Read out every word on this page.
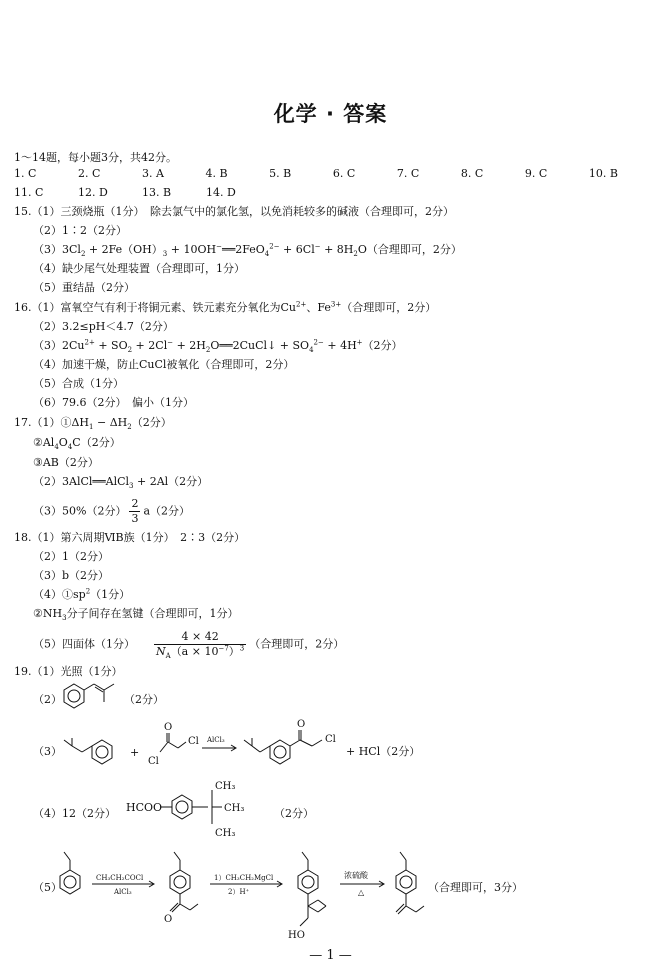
化学 · 答案
1～14题，每小题3分，共42分。
1. C	2. C	3. A	4. B	5. B	6. C	7. C	8. C	9. C	10. B
11. C	12. D	13. B	14. D
15.（1）三颈烧瓶（1分）　除去氯气中的氯化氢，以免消耗较多的碱液（合理即可，2分）
（2）1∶2（2分）
$(3)3Cl_2 + 2Fe(OH)_3$ + 10OH−══2FeO$_4^{2-}$ + $6Cl^- + 8H_2O$（合理即可，2分）
（4）缺少尾气处理装置（合理即可，1分）
（5）重结晶（2分）
16.（1）富氧空气有利于将铜元素、铁元素充分氧化为$Cu^{2+}$、$Fe^{3+}$（合理即可，2分）
（2）3.2≤pH＜4.7（2分）
$(3)2Cu^{2+} + SO_2 + 2Cl^-$ + $2H_2O══2CuCl↓ + SO_4^{2-} + 4H^+(2$分）
（4）加速干燥，防止CuCl被氧化（合理即可，2分）
（5）合成（1分）
（6）79.6（2分）　偏小（1分）
$17.(1)①\Delta H_1 - \Delta H_2(2$分）
$②Al_4O_4C(2$分）
③AB（2分）
（2）3AlCl══AlCl$_3$ + 2Al（2分）
（3）50%（2分） $\frac{2}{3} a(2$分）
18.（1）第六周期ⅥB族（1分）　2∶3（2分）
（2）1（2分）
（3）b（2分）
$(4)①sp^2(1$分）
$②NH_3$分子间存在氢键（合理即可，1分）
（5）四面体（1分） $\frac{4 \times 42}{N_A(a \times 10^{-7})^3}$ （合理即可，2分）
19.（1）光照（1分）
（2）	（2分）
（3）	+
O
Cl
Cl
AlCl₃
O
Cl
+ HCl（2分）
（4）12（2分） HCOO
CH₃
CH₃
CH₃
（2分）
（5）
CH₃CH₂COCl
AlCl₃
O
1）CH₃CH₂MgCl
2）H⁺
HO
浓硫酸
△	（合理即可，3分）
— 1 —
